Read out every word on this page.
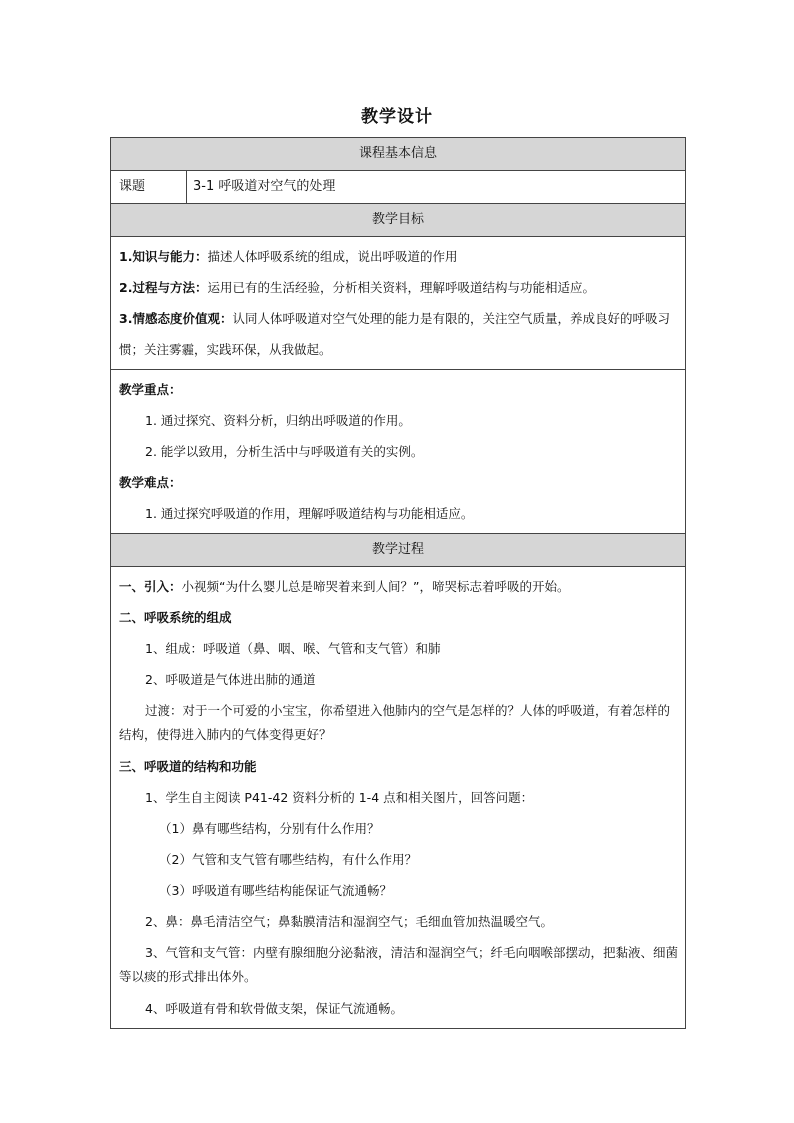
教学设计
课程基本信息
课题	3-1 呼吸道对空气的处理
教学目标
1.知识与能力：描述人体呼吸系统的组成，说出呼吸道的作用
2.过程与方法：运用已有的生活经验，分析相关资料，理解呼吸道结构与功能相适应。
3.情感态度价值观：认同人体呼吸道对空气处理的能力是有限的，关注空气质量，养成良好的呼吸习惯；关注雾霾，实践环保，从我做起。
教学重点：
1. 通过探究、资料分析，归纳出呼吸道的作用。
2. 能学以致用，分析生活中与呼吸道有关的实例。
教学难点：
1. 通过探究呼吸道的作用，理解呼吸道结构与功能相适应。
教学过程
一、引入：小视频“为什么婴儿总是啼哭着来到人间？”，啼哭标志着呼吸的开始。
二、呼吸系统的组成
1、组成：呼吸道（鼻、咽、喉、气管和支气管）和肺
2、呼吸道是气体进出肺的通道
过渡：对于一个可爱的小宝宝，你希望进入他肺内的空气是怎样的？人体的呼吸道，有着怎样的结构，使得进入肺内的气体变得更好？
三、呼吸道的结构和功能
1、学生自主阅读 P41-42 资料分析的 1-4 点和相关图片，回答问题：
（1）鼻有哪些结构，分别有什么作用？
（2）气管和支气管有哪些结构，有什么作用？
（3）呼吸道有哪些结构能保证气流通畅？
2、鼻：鼻毛清洁空气；鼻黏膜清洁和湿润空气；毛细血管加热温暖空气。
3、气管和支气管：内壁有腺细胞分泌黏液，清洁和湿润空气；纤毛向咽喉部摆动，把黏液、细菌等以痰的形式排出体外。
4、呼吸道有骨和软骨做支架，保证气流通畅。
